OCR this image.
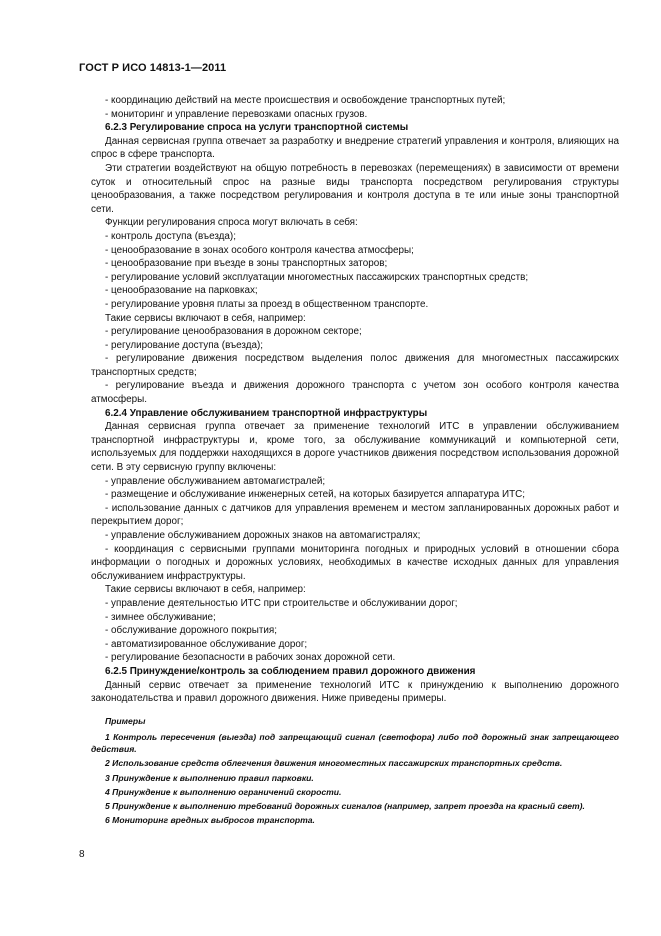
ГОСТ Р ИСО 14813-1—2011

- координацию действий на месте происшествия и освобождение транспортных путей;

- мониторинг и управление перевозками опасных грузов.

6.2.3 Регулирование спроса на услуги транспортной системы

Данная сервисная группа отвечает за разработку и внедрение стратегий управления и контроля, влияющих на спрос в сфере транспорта.

Эти стратегии воздействуют на общую потребность в перевозках (перемещениях) в зависимости от времени суток и относительный спрос на разные виды транспорта посредством регулирования структуры ценообразования, а также посредством регулирования и контроля доступа в те или иные зоны транспортной сети.

Функции регулирования спроса могут включать в себя:

- контроль доступа (въезда);

- ценообразование в зонах особого контроля качества атмосферы;

- ценообразование при въезде в зоны транспортных заторов;

- регулирование условий эксплуатации многоместных пассажирских транспортных средств;

- ценообразование на парковках;

- регулирование уровня платы за проезд в общественном транспорте.

Такие сервисы включают в себя, например:

- регулирование ценообразования в дорожном секторе;

- регулирование доступа (въезда);

- регулирование движения посредством выделения полос движения для многоместных пассажирских транспортных средств;

- регулирование въезда и движения дорожного транспорта с учетом зон особого контроля качества атмосферы.

6.2.4 Управление обслуживанием транспортной инфраструктуры

Данная сервисная группа отвечает за применение технологий ИТС в управлении обслуживанием транспортной инфраструктуры и, кроме того, за обслуживание коммуникаций и компьютерной сети, используемых для поддержки находящихся в дороге участников движения посредством использования дорожной сети. В эту сервисную группу включены:

- управление обслуживанием автомагистралей;

- размещение и обслуживание инженерных сетей, на которых базируется аппаратура ИТС;

- использование данных с датчиков для управления временем и местом запланированных дорожных работ и перекрытием дорог;

- управление обслуживанием дорожных знаков на автомагистралях;

- координация с сервисными группами мониторинга погодных и природных условий в отношении сбора информации о погодных и дорожных условиях, необходимых в качестве исходных данных для управления обслуживанием инфраструктуры.

Такие сервисы включают в себя, например:

- управление деятельностью ИТС при строительстве и обслуживании дорог;

- зимнее обслуживание;

- обслуживание дорожного покрытия;

- автоматизированное обслуживание дорог;

- регулирование безопасности в рабочих зонах дорожной сети.

6.2.5 Принуждение/контроль за соблюдением правил дорожного движения

Данный сервис отвечает за применение технологий ИТС к принуждению к выполнению дорожного законодательства и правил дорожного движения. Ниже приведены примеры.

Примеры

1 Контроль пересечения (выезда) под запрещающий сигнал (светофора) либо под дорожный знак запрещающего действия.

2 Использование средств облегчения движения многоместных пассажирских транспортных средств.

3 Принуждение к выполнению правил парковки.

4 Принуждение к выполнению ограничений скорости.

5 Принуждение к выполнению требований дорожных сигналов (например, запрет проезда на красный свет).

6 Мониторинг вредных выбросов транспорта.

8
